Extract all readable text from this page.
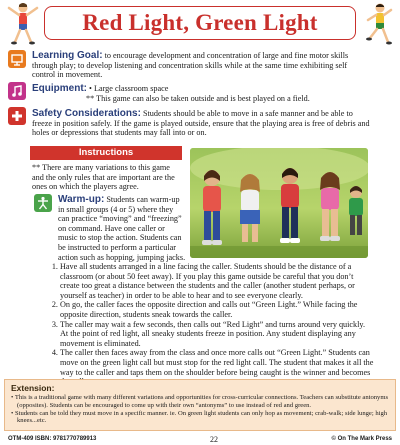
Red Light, Green Light
Learning Goal: to encourage development and concentration of large and fine motor skills through play; to develop listening and concentration skills while at the same time exhibiting self control in movement.
Equipment: • Large classroom space
** This game can also be taken outside and is best played on a field.
Safety Considerations: Students should be able to move in a safe manner and be able to freeze in position safely. If the game is played outside, ensure that the playing area is free of debris and holes or depressions that students may fall into or on.
Instructions
** There are many variations to this game and the only rules that are important are the ones on which the players agree.
Warm-up: Students can warm-up in small groups (4 or 5) where they can practice “moving” and “freezing” on command. Have one caller or music to stop the action. Students can be instructed to perform a particular action such as hopping, jumping jacks.
1. Have all students arranged in a line facing the caller. Students should be the distance of a classroom (or about 50 feet away). If you play this game outside be careful that you don’t create too great a distance between the students and the caller (another student perhaps, or yourself as teacher) in order to be able to hear and to see everyone clearly.
2. On go, the caller faces the opposite direction and calls out “Green Light.” While facing the opposite direction, students sneak towards the caller.
3. The caller may wait a few seconds, then calls out “Red Light” and turns around very quickly. At the point of red light, all sneaky students freeze in position. Any student displaying any movement is eliminated.
4. The caller then faces away from the class and once more calls out “Green Light.” Students can move on the green light call but must stop for the red light call. The student that makes it all the way to the caller and taps them on the shoulder before being caught is the winner and becomes
Extension:
• This is a traditional game with many different variations and opportunities for cross-curricular connections. Teachers can substitute antonyms (opposites). Students can be encouraged to come up with their own “antonyms” to use instead of red and green.
• Students can be told they must move in a specific manner. ie. On green light students can only hop as movement; crab-walk; side lunge; high knees...etc.
OTM-409 ISBN: 9781770789913	22	© On The Mark Press
